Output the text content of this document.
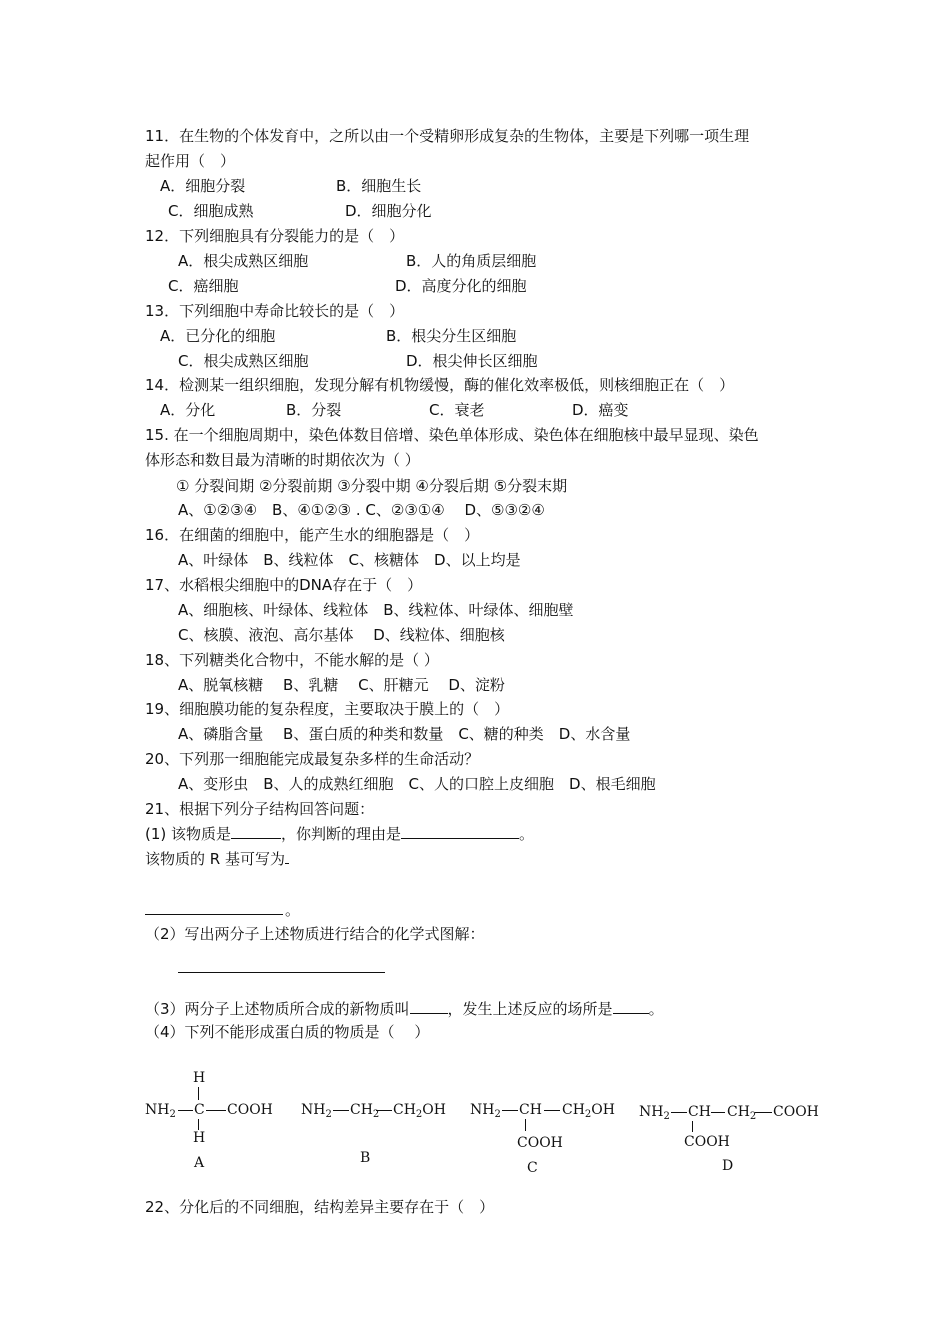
11．在生物的个体发育中，之所以由一个受精卵形成复杂的生物体，主要是下列哪一项生理
起作用（　）
A．细胞分裂	B．细胞生长
C．细胞成熟	D．细胞分化
12．下列细胞具有分裂能力的是（　）
A．根尖成熟区细胞	B．人的角质层细胞
C．癌细胞	D．高度分化的细胞
13．下列细胞中寿命比较长的是（　）
A．已分化的细胞	B．根尖分生区细胞
C．根尖成熟区细胞	D．根尖伸长区细胞
14．检测某一组织细胞，发现分解有机物缓慢，酶的催化效率极低，则核细胞正在（　）
A．分化	B．分裂	C．衰老	D．癌变
15. 在一个细胞周期中，染色体数目倍增、染色单体形成、染色体在细胞核中最早显现、染色
体形态和数目最为清晰的时期依次为（ ）
① 分裂间期 ②分裂前期 ③分裂中期 ④分裂后期 ⑤分裂末期
A、①②③④　B、④①②③ . C、②③①④　 D、⑤③②④
16．在细菌的细胞中，能产生水的细胞器是（　）
A、叶绿体　B、线粒体　C、核糖体　D、以上均是
17、水稻根尖细胞中的DNA存在于（　）
A、细胞核、叶绿体、线粒体　B、线粒体、叶绿体、细胞壁
C、核膜、液泡、高尔基体　 D、线粒体、细胞核
18、下列糖类化合物中，不能水解的是（ ）
A、脱氧核糖　 B、乳糖　 C、肝糖元　 D、淀粉
19、细胞膜功能的复杂程度，主要取决于膜上的（　）
A、磷脂含量　 B、蛋白质的种类和数量　C、糖的种类　D、水含量
20、下列那一细胞能完成最复杂多样的生命活动？
A、变形虫　B、人的成熟红细胞　C、人的口腔上皮细胞　D、根毛细胞
21、根据下列分子结构回答问题：
(1) 该物质是	，你判断的理由是	。
该物质的 R 基可写为
。
（2）写出两分子上述物质进行结合的化学式图解：
（3）两分子上述物质所合成的新物质叫	，发生上述反应的场所是 。
（4）下列不能形成蛋白质的物质是（　 ）
H
$NH_2$ C COOH
H
A
$NH_2$ $CH_2$ $CH_2OH$
B
$NH_2$ CH $CH_2OH$
COOH
C
$NH_2$ CH $CH_2$ COOH
COOH
D
22、分化后的不同细胞，结构差异主要存在于（　）
